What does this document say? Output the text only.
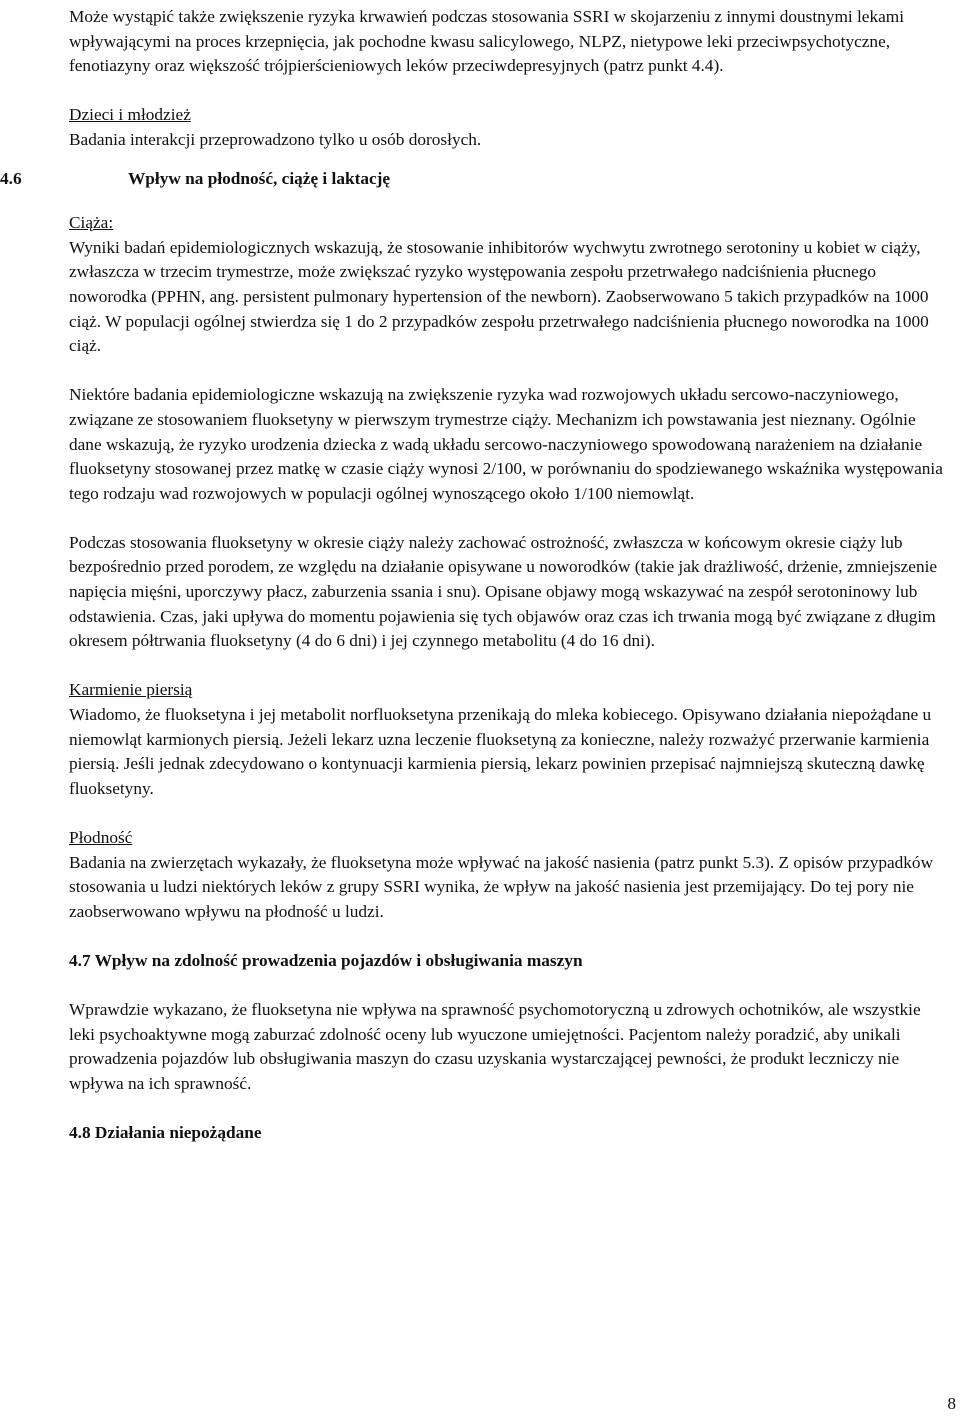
Może wystąpić także zwiększenie ryzyka krwawień podczas stosowania SSRI w skojarzeniu z innymi doustnymi lekami wpływającymi na proces krzepnięcia, jak pochodne kwasu salicylowego, NLPZ, nietypowe leki przeciwpsychotyczne, fenotiazyny oraz większość trójpierścieniowych leków przeciwdepresyjnych (patrz punkt 4.4).

Dzieci i młodzież

Badania interakcji przeprowadzono tylko u osób dorosłych.

4.6	Wpływ na płodność, ciążę i laktację

Ciąża:

Wyniki badań epidemiologicznych wskazują, że stosowanie inhibitorów wychwytu zwrotnego serotoniny u kobiet w ciąży, zwłaszcza w trzecim trymestrze, może zwiększać ryzyko występowania zespołu przetrwałego nadciśnienia płucnego noworodka (PPHN, ang. persistent pulmonary hypertension of the newborn). Zaobserwowano 5 takich przypadków na 1000 ciąż. W populacji ogólnej stwierdza się 1 do 2 przypadków zespołu przetrwałego nadciśnienia płucnego noworodka na 1000 ciąż.

Niektóre badania epidemiologiczne wskazują na zwiększenie ryzyka wad rozwojowych układu sercowo-naczyniowego, związane ze stosowaniem fluoksetyny w pierwszym trymestrze ciąży. Mechanizm ich powstawania jest nieznany. Ogólnie dane wskazują, że ryzyko urodzenia dziecka z wadą układu sercowo-naczyniowego spowodowaną narażeniem na działanie fluoksetyny stosowanej przez matkę w czasie ciąży wynosi 2/100, w porównaniu do spodziewanego wskaźnika występowania tego rodzaju wad rozwojowych w populacji ogólnej wynoszącego około 1/100 niemowląt.

Podczas stosowania fluoksetyny w okresie ciąży należy zachować ostrożność, zwłaszcza w końcowym okresie ciąży lub bezpośrednio przed porodem, ze względu na działanie opisywane u noworodków (takie jak drażliwość, drżenie, zmniejszenie napięcia mięśni, uporczywy płacz, zaburzenia ssania i snu). Opisane objawy mogą wskazywać na zespół serotoninowy lub odstawienia. Czas, jaki upływa do momentu pojawienia się tych objawów oraz czas ich trwania mogą być związane z długim okresem półtrwania fluoksetyny (4 do 6 dni) i jej czynnego metabolitu (4 do 16 dni).

Karmienie piersią

Wiadomo, że fluoksetyna i jej metabolit norfluoksetyna przenikają do mleka kobiecego. Opisywano działania niepożądane u niemowląt karmionych piersią. Jeżeli lekarz uzna leczenie fluoksetyną za konieczne, należy rozważyć przerwanie karmienia piersią. Jeśli jednak zdecydowano o kontynuacji karmienia piersią, lekarz powinien przepisać najmniejszą skuteczną dawkę fluoksetyny.

Płodność

Badania na zwierzętach wykazały, że fluoksetyna może wpływać na jakość nasienia (patrz punkt 5.3). Z opisów przypadków stosowania u ludzi niektórych leków z grupy SSRI wynika, że wpływ na jakość nasienia jest przemijający. Do tej pory nie zaobserwowano wpływu na płodność u ludzi.

4.7 Wpływ na zdolność prowadzenia pojazdów i obsługiwania maszyn

Wprawdzie wykazano, że fluoksetyna nie wpływa na sprawność psychomotoryczną u zdrowych ochotników, ale wszystkie leki psychoaktywne mogą zaburzać zdolność oceny lub wyuczone umiejętności. Pacjentom należy poradzić, aby unikali prowadzenia pojazdów lub obsługiwania maszyn do czasu uzyskania wystarczającej pewności, że produkt leczniczy nie wpływa na ich sprawność.

4.8 Działania niepożądane

8
